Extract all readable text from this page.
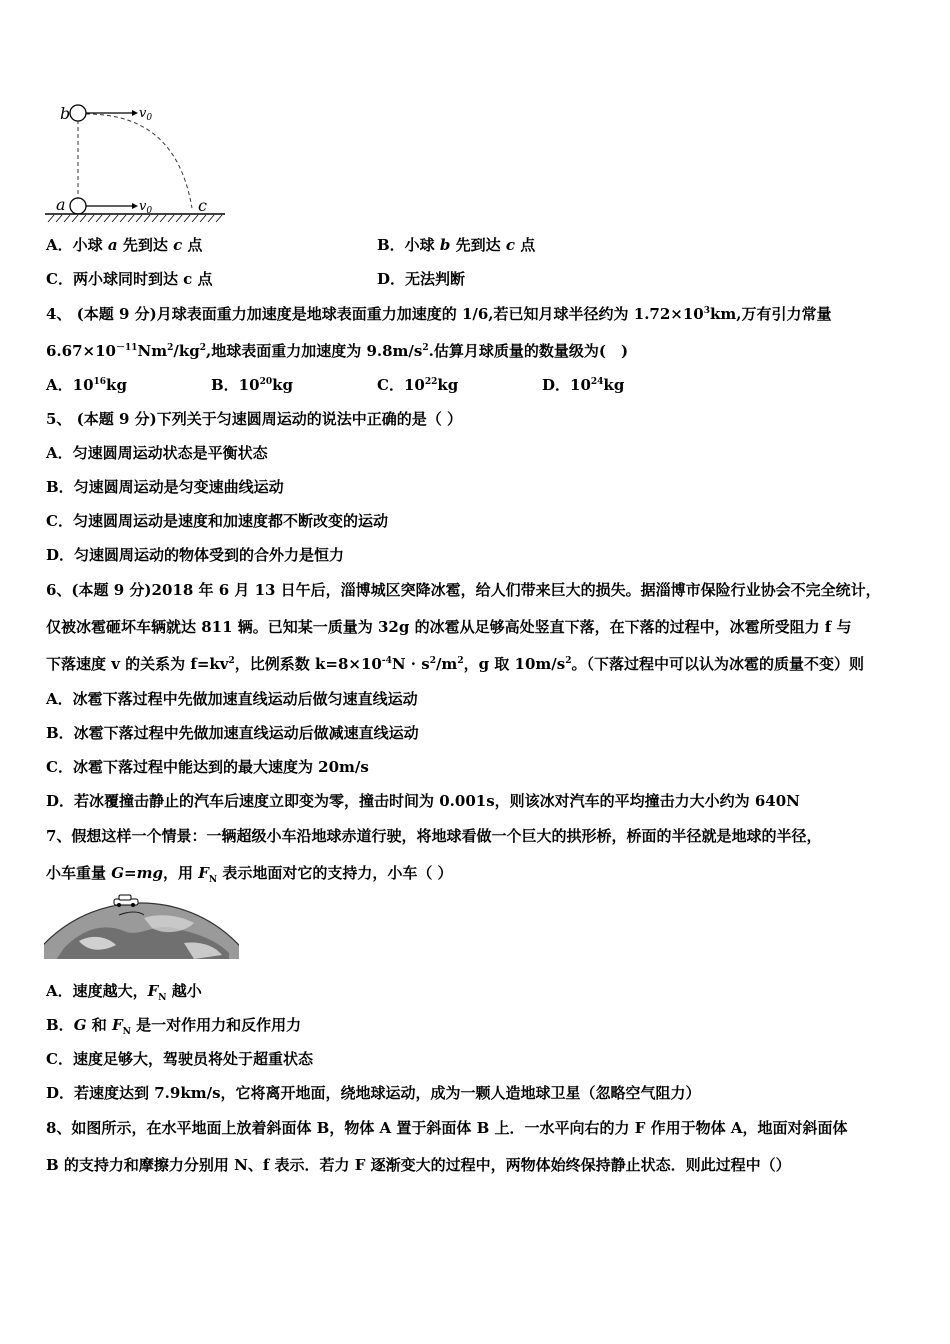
b
a	c
$v_0$
$v_0$
A．小球 a 先到达 c 点	B．小球 b 先到达 c 点
C．两小球同时到达 c 点	D．无法判断
4、 (本题 9 分)月球表面重力加速度是地球表面重力加速度的 1/6,若已知月球半径约为 $1.72\times 10^3km$,万有引力常量
$6.67\times 10^{-11}Nm^2/kg^2$,地球表面重力加速度为 $9.8m/s^2$.估算月球质量的数量级为(　)
A．$10^{16}kg$	B．$10^{20}kg$	C．$10^{22}kg$	D．$10^{24}kg$
5、 (本题 9 分)下列关于匀速圆周运动的说法中正确的是（ ）
A．匀速圆周运动状态是平衡状态
B．匀速圆周运动是匀变速曲线运动
C．匀速圆周运动是速度和加速度都不断改变的运动
D．匀速圆周运动的物体受到的合外力是恒力
6、(本题 9 分)2018 年 6 月 13 日午后，淄博城区突降冰雹，给人们带来巨大的损失。据淄博市保险行业协会不完全统计，
仅被冰雹砸坏车辆就达 811 辆。已知某一质量为 32g 的冰雹从足够高处竖直下落，在下落的过程中，冰雹所受阻力 f 与
下落速度 v 的关系为 $f=kv^2$，比例系数 $k=8\times 10^{-4}N \cdot s^2/m^2$，g 取 $10m/s^2$。（下落过程中可以认为冰雹的质量不变）则
A．冰雹下落过程中先做加速直线运动后做匀速直线运动
B．冰雹下落过程中先做加速直线运动后做减速直线运动
C．冰雹下落过程中能达到的最大速度为 20m/s
D．若冰覆撞击静止的汽车后速度立即变为零，撞击时间为 0.001s，则该冰对汽车的平均撞击力大小约为 640N
7、假想这样一个情景：一辆超级小车沿地球赤道行驶，将地球看做一个巨大的拱形桥，桥面的半径就是地球的半径，
小车重量 G=mg，用 $F_N$ 表示地面对它的支持力，小车（ ）
A．速度越大，$F_N$ 越小
B．G 和 $F_N$ 是一对作用力和反作用力
C．速度足够大，驾驶员将处于超重状态
D．若速度达到 7.9km/s，它将离开地面，绕地球运动，成为一颗人造地球卫星（忽略空气阻力）
8、如图所示，在水平地面上放着斜面体 B，物体 A 置于斜面体 B 上．一水平向右的力 F 作用于物体 A，地面对斜面体
B 的支持力和摩擦力分别用 N、f 表示．若力 F 逐渐变大的过程中，两物体始终保持静止状态．则此过程中（）
